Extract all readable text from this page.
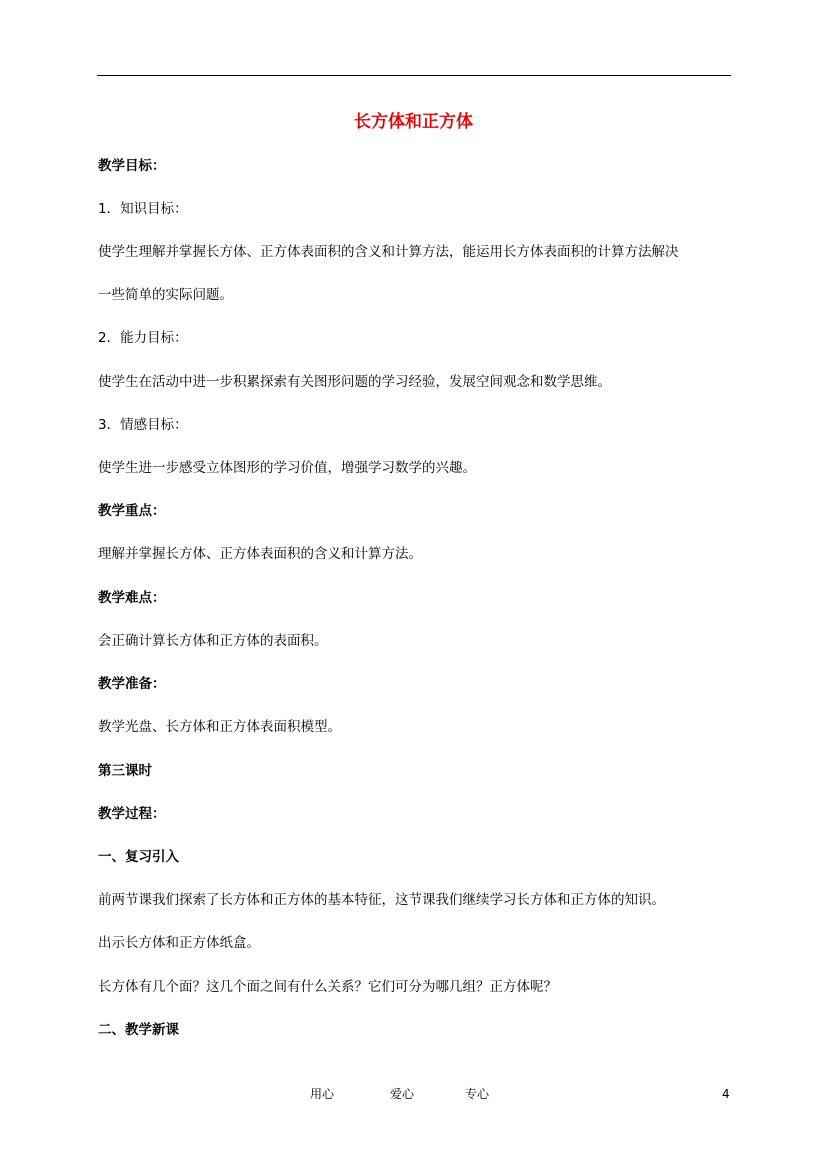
长方体和正方体
教学目标：
1．知识目标：
使学生理解并掌握长方体、正方体表面积的含义和计算方法，能运用长方体表面积的计算方法解决
一些简单的实际问题。
2．能力目标：
使学生在活动中进一步积累探索有关图形问题的学习经验，发展空间观念和数学思维。
3．情感目标：
使学生进一步感受立体图形的学习价值，增强学习数学的兴趣。
教学重点：
理解并掌握长方体、正方体表面积的含义和计算方法。
教学难点：
会正确计算长方体和正方体的表面积。
教学准备：
教学光盘、长方体和正方体表面积模型。
第三课时
教学过程：
一、复习引入
前两节课我们探索了长方体和正方体的基本特征，这节课我们继续学习长方体和正方体的知识。
出示长方体和正方体纸盒。
长方体有几个面？这几个面之间有什么关系？它们可分为哪几组？正方体呢？
二、教学新课
用心	爱心	专心	4
